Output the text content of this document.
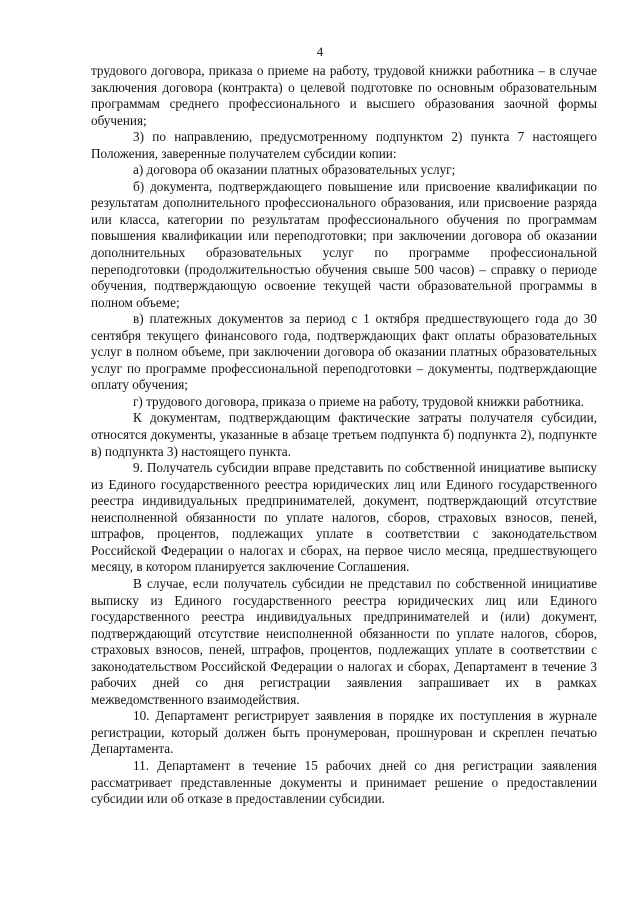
4

трудового договора, приказа о приеме на работу, трудовой книжки работника – в случае заключения договора (контракта) о целевой подготовке по основным образовательным программам среднего профессионального и высшего образования заочной формы обучения;

3) по направлению, предусмотренному подпунктом 2) пункта 7 настоящего Положения, заверенные получателем субсидии копии:

а) договора об оказании платных образовательных услуг;

б) документа, подтверждающего повышение или присвоение квалификации по результатам дополнительного профессионального образования, или присвоение разряда или класса, категории по результатам профессионального обучения по программам повышения квалификации или переподготовки; при заключении договора об оказании дополнительных образовательных услуг по программе профессиональной переподготовки (продолжительностью обучения свыше 500 часов) – справку о периоде обучения, подтверждающую освоение текущей части образовательной программы в полном объеме;

в) платежных документов за период с 1 октября предшествующего года до 30 сентября текущего финансового года, подтверждающих факт оплаты образовательных услуг в полном объеме, при заключении договора об оказании платных образовательных услуг по программе профессиональной переподготовки – документы, подтверждающие оплату обучения;

г) трудового договора, приказа о приеме на работу, трудовой книжки работника.

К документам, подтверждающим фактические затраты получателя субсидии, относятся документы, указанные в абзаце третьем подпункта б) подпункта 2), подпункте в) подпункта 3) настоящего пункта.

9. Получатель субсидии вправе представить по собственной инициативе выписку из Единого государственного реестра юридических лиц или Единого государственного реестра индивидуальных предпринимателей, документ, подтверждающий отсутствие неисполненной обязанности по уплате налогов, сборов, страховых взносов, пеней, штрафов, процентов, подлежащих уплате в соответствии с законодательством Российской Федерации о налогах и сборах, на первое число месяца, предшествующего месяцу, в котором планируется заключение Соглашения.

В случае, если получатель субсидии не представил по собственной инициативе выписку из Единого государственного реестра юридических лиц или Единого государственного реестра индивидуальных предпринимателей и (или) документ, подтверждающий отсутствие неисполненной обязанности по уплате налогов, сборов, страховых взносов, пеней, штрафов, процентов, подлежащих уплате в соответствии с законодательством Российской Федерации о налогах и сборах, Департамент в течение 3 рабочих дней со дня регистрации заявления запрашивает их в рамках межведомственного взаимодействия.

10. Департамент регистрирует заявления в порядке их поступления в журнале регистрации, который должен быть пронумерован, прошнурован и скреплен печатью Департамента.

11. Департамент в течение 15 рабочих дней со дня регистрации заявления рассматривает представленные документы и принимает решение о предоставлении субсидии или об отказе в предоставлении субсидии.
